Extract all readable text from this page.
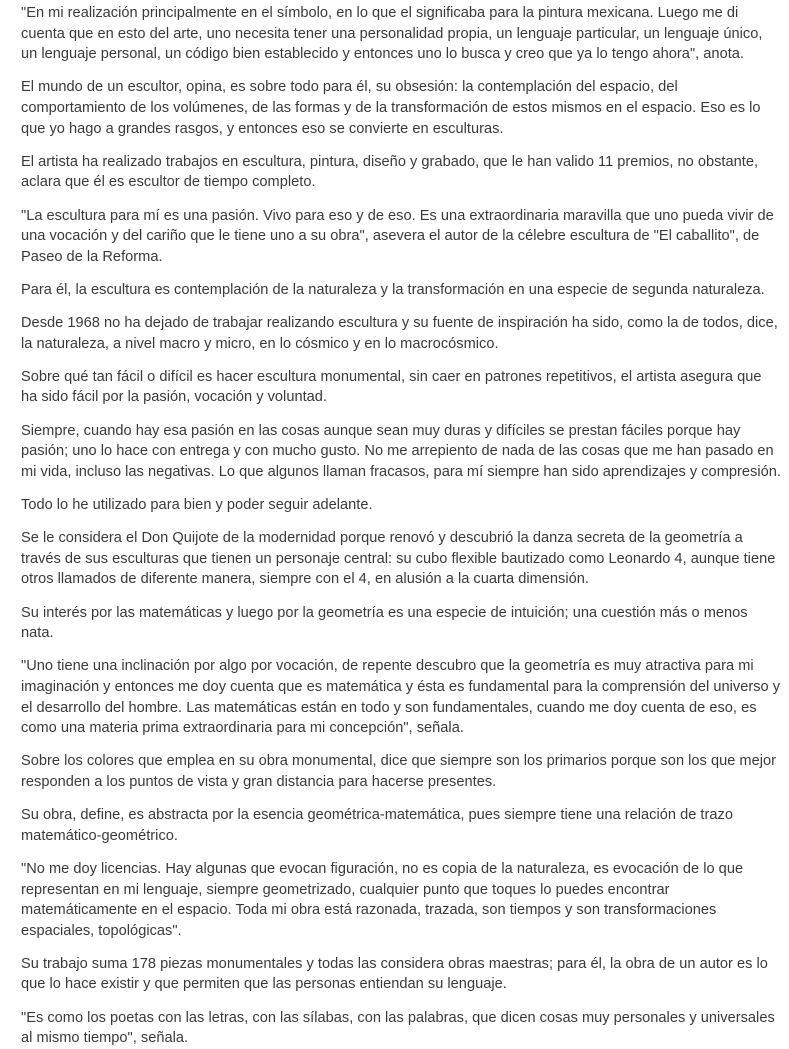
"En mi realización principalmente en el símbolo, en lo que el significaba para la pintura mexicana. Luego me di cuenta que en esto del arte, uno necesita tener una personalidad propia, un lenguaje particular, un lenguaje único, un lenguaje personal, un código bien establecido y entonces uno lo busca y creo que ya lo tengo ahora", anota.

El mundo de un escultor, opina, es sobre todo para él, su obsesión: la contemplación del espacio, del comportamiento de los volúmenes, de las formas y de la transformación de estos mismos en el espacio. Eso es lo que yo hago a grandes rasgos, y entonces eso se convierte en esculturas.

El artista ha realizado trabajos en escultura, pintura, diseño y grabado, que le han valido 11 premios, no obstante, aclara que él es escultor de tiempo completo.

"La escultura para mí es una pasión. Vivo para eso y de eso. Es una extraordinaria maravilla que uno pueda vivir de una vocación y del cariño que le tiene uno a su obra", asevera el autor de la célebre escultura de "El caballito", de Paseo de la Reforma.

Para él, la escultura es contemplación de la naturaleza y la transformación en una especie de segunda naturaleza.

Desde 1968 no ha dejado de trabajar realizando escultura y su fuente de inspiración ha sido, como la de todos, dice, la naturaleza, a nivel macro y micro, en lo cósmico y en lo macrocósmico.

Sobre qué tan fácil o difícil es hacer escultura monumental, sin caer en patrones repetitivos, el artista asegura que ha sido fácil por la pasión, vocación y voluntad.

Siempre, cuando hay esa pasión en las cosas aunque sean muy duras y difíciles se prestan fáciles porque hay pasión; uno lo hace con entrega y con mucho gusto. No me arrepiento de nada de las cosas que me han pasado en mi vida, incluso las negativas. Lo que algunos llaman fracasos, para mí siempre han sido aprendizajes y compresión.

Todo lo he utilizado para bien y poder seguir adelante.

Se le considera el Don Quijote de la modernidad porque renovó y descubrió la danza secreta de la geometría a través de sus esculturas que tienen un personaje central: su cubo flexible bautizado como Leonardo 4, aunque tiene otros llamados de diferente manera, siempre con el 4, en alusión a la cuarta dimensión.

Su interés por las matemáticas y luego por la geometría es una especie de intuición; una cuestión más o menos nata.

"Uno tiene una inclinación por algo por vocación, de repente descubro que la geometría es muy atractiva para mi imaginación y entonces me doy cuenta que es matemática y ésta es fundamental para la comprensión del universo y el desarrollo del hombre. Las matemáticas están en todo y son fundamentales, cuando me doy cuenta de eso, es como una materia prima extraordinaria para mi concepción", señala.

Sobre los colores que emplea en su obra monumental, dice que siempre son los primarios porque son los que mejor responden a los puntos de vista y gran distancia para hacerse presentes.

Su obra, define, es abstracta por la esencia geométrica-matemática, pues siempre tiene una relación de trazo matemático-geométrico.

"No me doy licencias. Hay algunas que evocan figuración, no es copia de la naturaleza, es evocación de lo que representan en mi lenguaje, siempre geometrizado, cualquier punto que toques lo puedes encontrar matemáticamente en el espacio. Toda mi obra está razonada, trazada, son tiempos y son transformaciones espaciales, topológicas".

Su trabajo suma 178 piezas monumentales y todas las considera obras maestras; para él, la obra de un autor es lo que lo hace existir y que permiten que las personas entiendan su lenguaje.

"Es como los poetas con las letras, con las sílabas, con las palabras, que dicen cosas muy personales y universales al mismo tiempo", señala.
